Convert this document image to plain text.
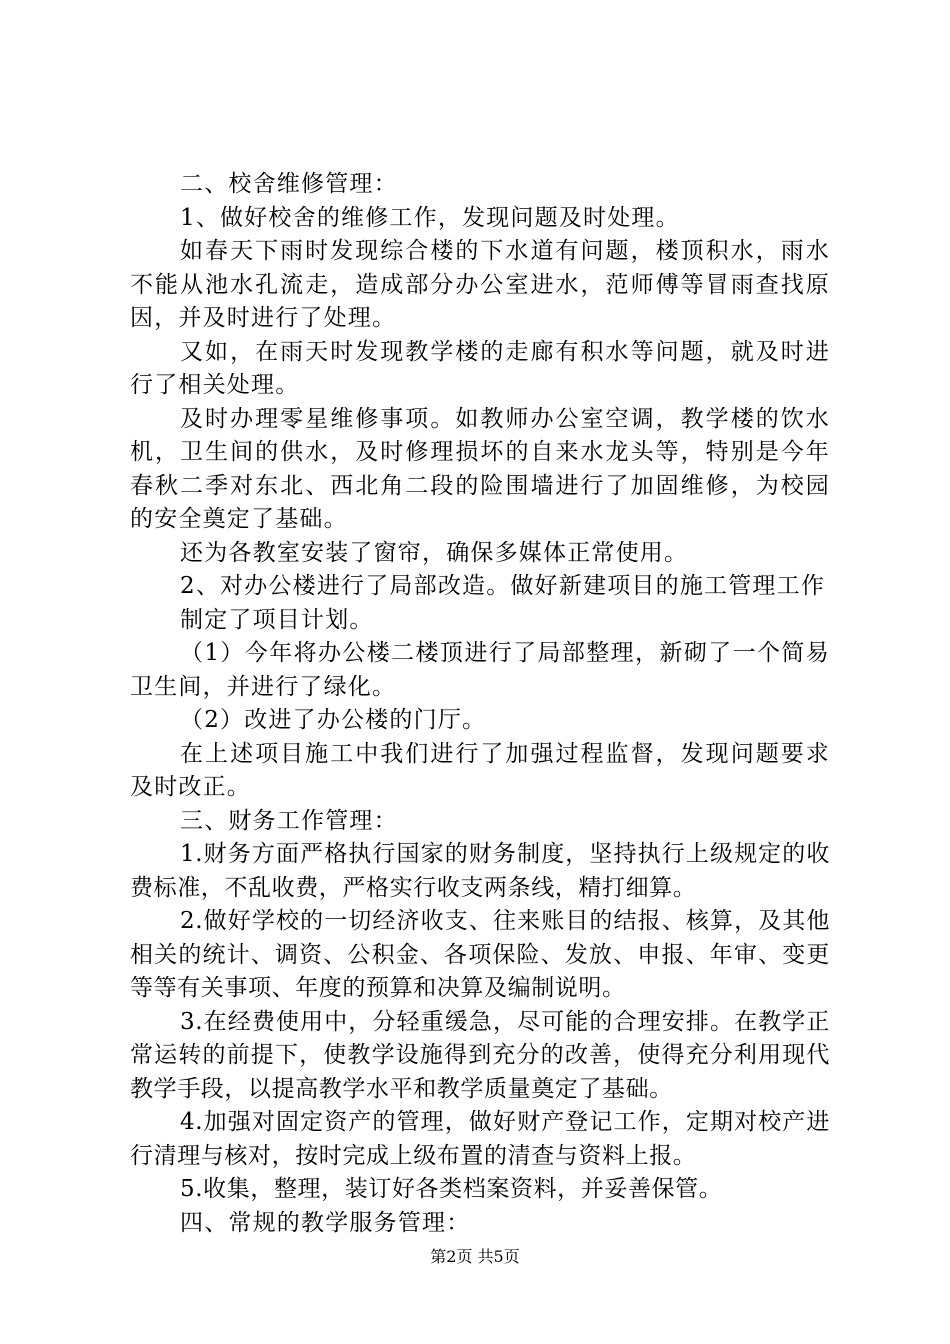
二、校舍维修管理：

1、做好校舍的维修工作，发现问题及时处理。

如春天下雨时发现综合楼的下水道有问题，楼顶积水，雨水不能从池水孔流走，造成部分办公室进水，范师傅等冒雨查找原因，并及时进行了处理。

又如，在雨天时发现教学楼的走廊有积水等问题，就及时进行了相关处理。

及时办理零星维修事项。如教师办公室空调，教学楼的饮水机，卫生间的供水，及时修理损坏的自来水龙头等，特别是今年春秋二季对东北、西北角二段的险围墙进行了加固维修，为校园的安全奠定了基础。

还为各教室安装了窗帘，确保多媒体正常使用。

2、对办公楼进行了局部改造。做好新建项目的施工管理工作

制定了项目计划。

（1）今年将办公楼二楼顶进行了局部整理，新砌了一个简易卫生间，并进行了绿化。

（2）改进了办公楼的门厅。

在上述项目施工中我们进行了加强过程监督，发现问题要求及时改正。

三、财务工作管理：

1.财务方面严格执行国家的财务制度，坚持执行上级规定的收费标准，不乱收费，严格实行收支两条线，精打细算。

2.做好学校的一切经济收支、往来账目的结报、核算，及其他相关的统计、调资、公积金、各项保险、发放、申报、年审、变更等等有关事项、年度的预算和决算及编制说明。

3.在经费使用中，分轻重缓急，尽可能的合理安排。在教学正常运转的前提下，使教学设施得到充分的改善，使得充分利用现代教学手段，以提高教学水平和教学质量奠定了基础。

4.加强对固定资产的管理，做好财产登记工作，定期对校产进行清理与核对，按时完成上级布置的清查与资料上报。

5.收集，整理，装订好各类档案资料，并妥善保管。

四、常规的教学服务管理：

第2页 共5页
